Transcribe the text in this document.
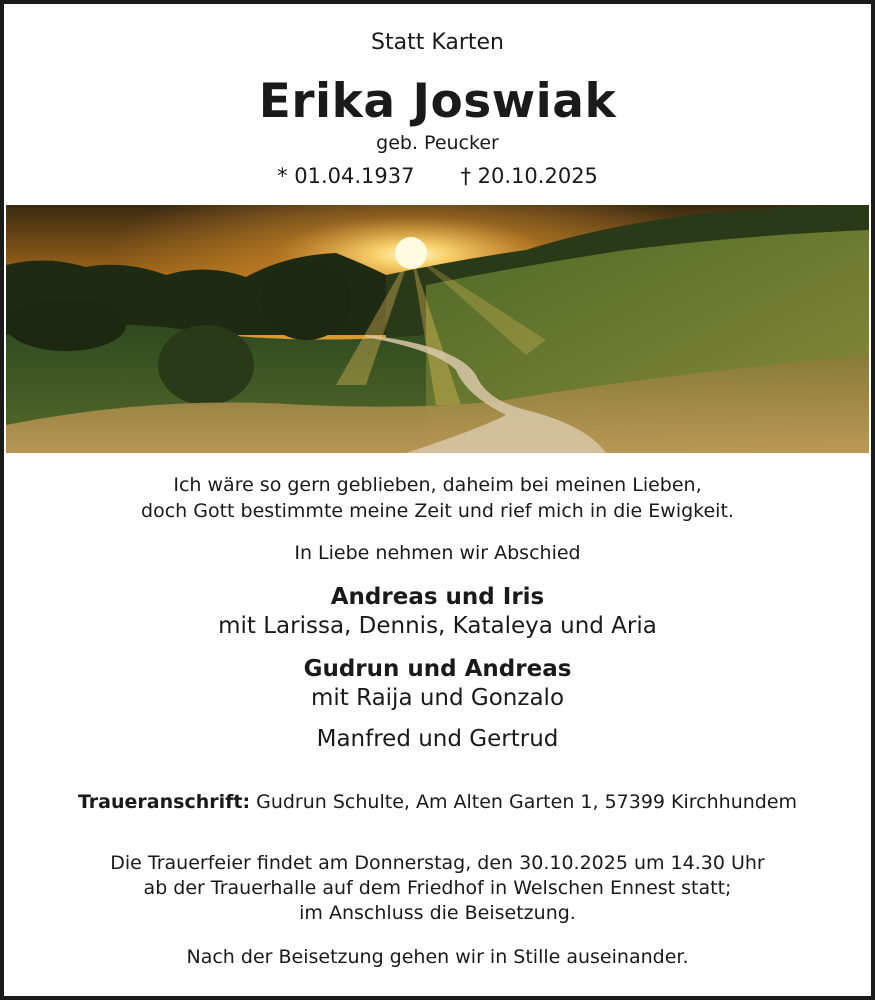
Statt Karten
Erika Joswiak
geb. Peucker
* 01.04.1937 † 20.10.2025
Ich wäre so gern geblieben, daheim bei meinen Lieben,
doch Gott bestimmte meine Zeit und rief mich in die Ewigkeit.
In Liebe nehmen wir Abschied
Andreas und Iris
mit Larissa, Dennis, Kataleya und Aria
Gudrun und Andreas
mit Raija und Gonzalo
Manfred und Gertrud
Traueranschrift: Gudrun Schulte, Am Alten Garten 1, 57399 Kirchhundem
Die Trauerfeier findet am Donnerstag, den 30.10.2025 um 14.30 Uhr
ab der Trauerhalle auf dem Friedhof in Welschen Ennest statt;
im Anschluss die Beisetzung.
Nach der Beisetzung gehen wir in Stille auseinander.
